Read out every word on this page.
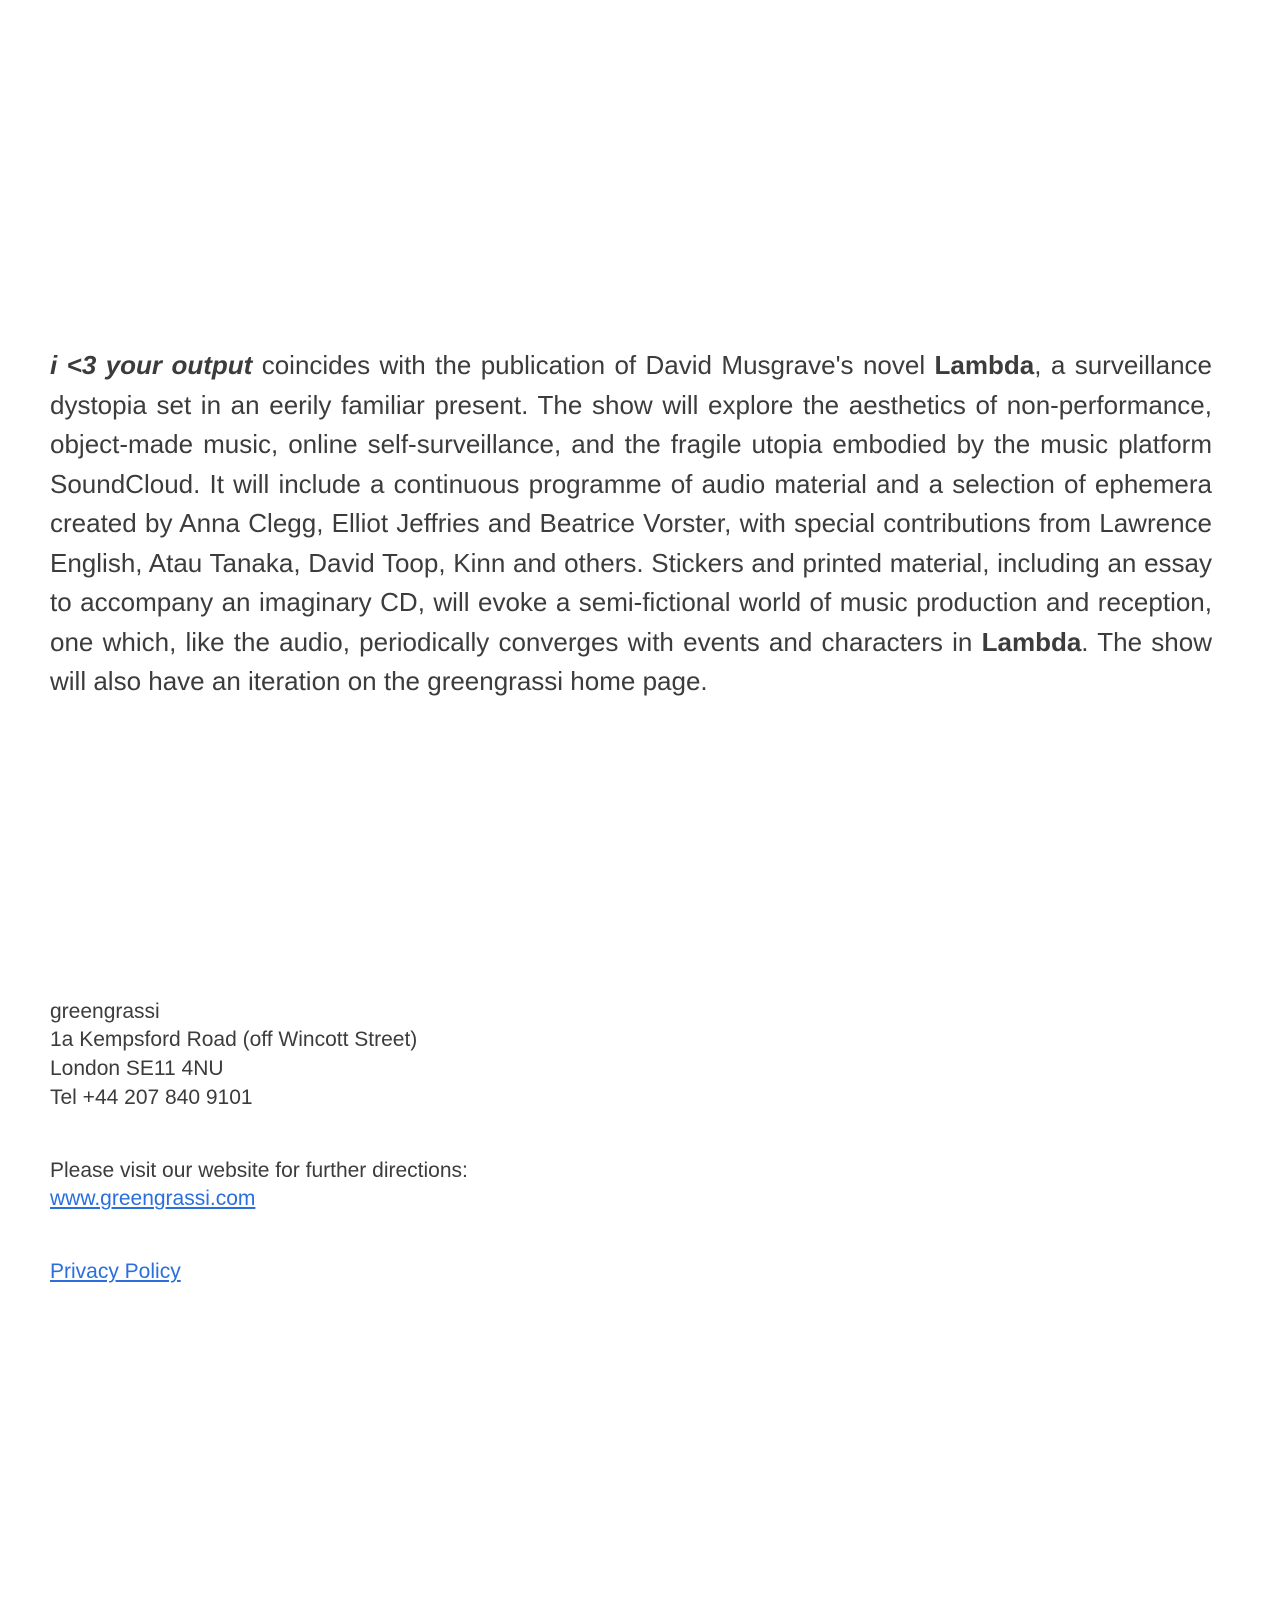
i <3 your output coincides with the publication of David Musgrave's novel Lambda, a surveillance dystopia set in an eerily familiar present. The show will explore the aesthetics of non-performance, object-made music, online self-surveillance, and the fragile utopia embodied by the music platform SoundCloud. It will include a continuous programme of audio material and a selection of ephemera created by Anna Clegg, Elliot Jeffries and Beatrice Vorster, with special contributions from Lawrence English, Atau Tanaka, David Toop, Kinn and others. Stickers and printed material, including an essay to accompany an imaginary CD, will evoke a semi-fictional world of music production and reception, one which, like the audio, periodically converges with events and characters in Lambda. The show will also have an iteration on the greengrassi home page.

greengrassi
1a Kempsford Road (off Wincott Street)
London SE11 4NU
Tel +44 207 840 9101
Please visit our website for further directions:
www.greengrassi.com
Privacy Policy
